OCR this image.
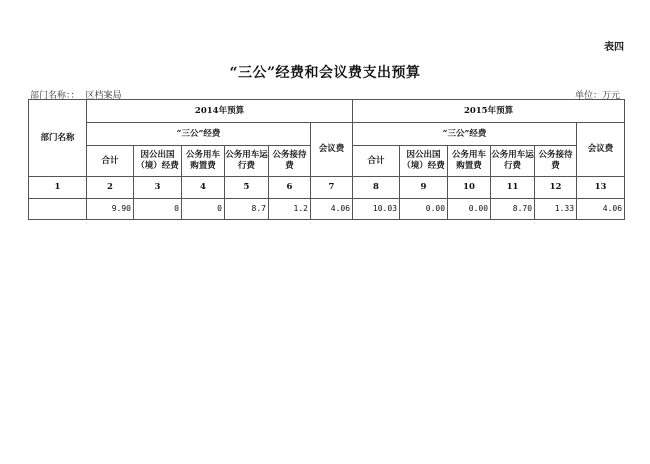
表四
“三公”经费和会议费支出预算
部门名称：： 区档案局	单位：万元
部门名称	2014年预算						2015年预算					
	“三公”经费					会议费	“三公”经费					会议费
	合计	因公出国（境）经费	公务用车购置费	公务用车运行费	公务接待费		合计	因公出国（境）经费	公务用车购置费	公务用车运行费	公务接待费	
1	2	3	4	5	6	7	8	9	10	11	12	13
	9.90	0	0	8.7	1.2	4.06	10.03	0.00	0.00	8.70	1.33	4.06
